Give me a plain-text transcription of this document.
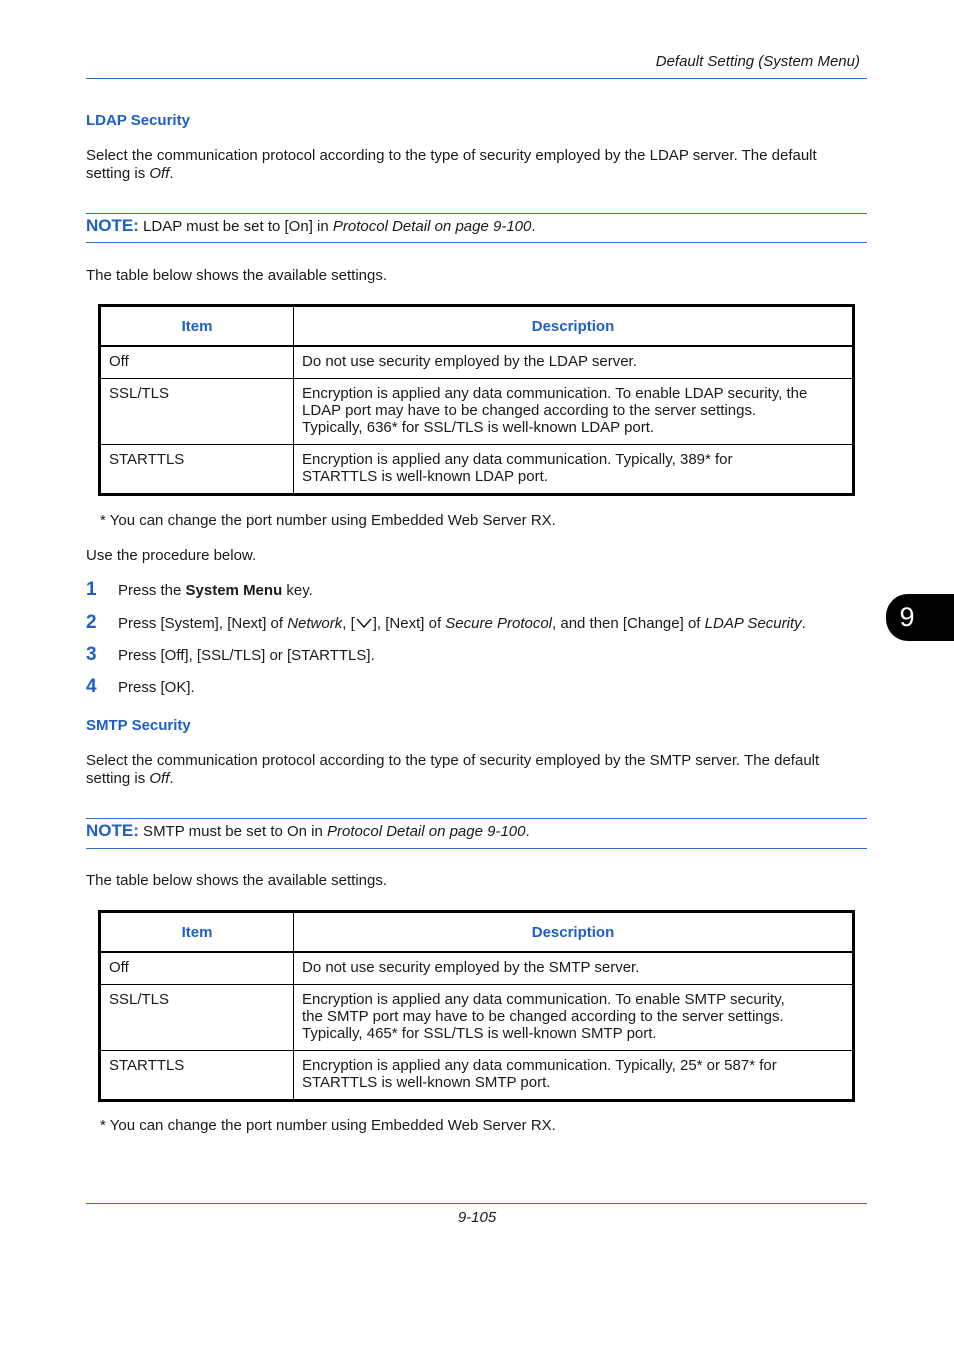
Default Setting (System Menu)
LDAP Security
Select the communication protocol according to the type of security employed by the LDAP server. The default
setting is Off.
NOTE: LDAP must be set to [On] in Protocol Detail on page 9-100.
The table below shows the available settings.
Item	Description
Off	Do not use security employed by the LDAP server.

SSL/TLS	Encryption is applied any data communication. To enable LDAP security, the
LDAP port may have to be changed according to the server settings.
Typically, 636* for SSL/TLS is well-known LDAP port.

STARTTLS	Encryption is applied any data communication. Typically, 389* for
STARTTLS is well-known LDAP port.
* You can change the port number using Embedded Web Server RX.
Use the procedure below.
1 Press the System Menu key.
2 Press [System], [Next] of Network, [ ], [Next] of Secure Protocol, and then [Change] of LDAP Security.
3 Press [Off], [SSL/TLS] or [STARTTLS].
4 Press [OK].
SMTP Security
Select the communication protocol according to the type of security employed by the SMTP server. The default
setting is Off.
NOTE: SMTP must be set to On in Protocol Detail on page 9-100.
The table below shows the available settings.
Item	Description
Off	Do not use security employed by the SMTP server.

SSL/TLS	Encryption is applied any data communication. To enable SMTP security,
the SMTP port may have to be changed according to the server settings.
Typically, 465* for SSL/TLS is well-known SMTP port.

STARTTLS	Encryption is applied any data communication. Typically, 25* or 587* for
STARTTLS is well-known SMTP port.
* You can change the port number using Embedded Web Server RX.
9
9-105
